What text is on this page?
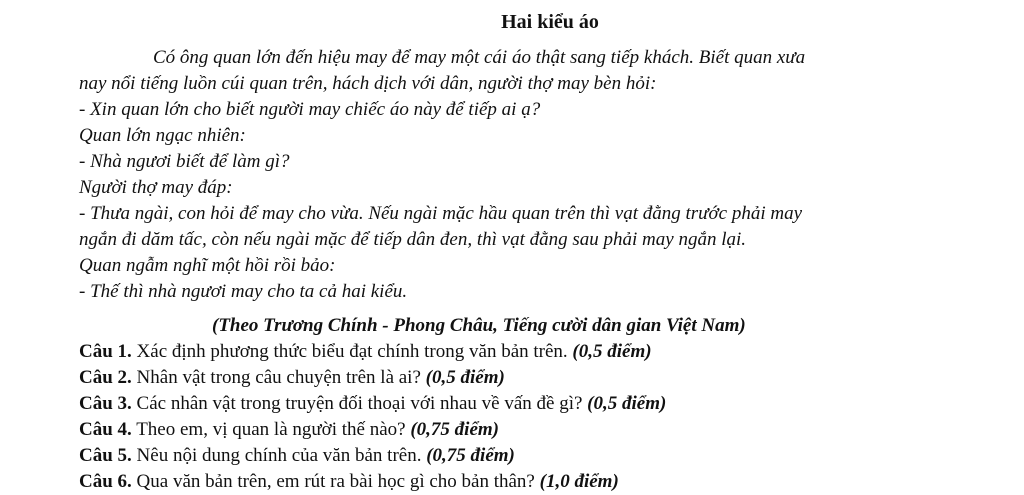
Hai kiểu áo
Có ông quan lớn đến hiệu may để may một cái áo thật sang tiếp khách. Biết quan xưa
nay nổi tiếng luồn cúi quan trên, hách dịch với dân, người thợ may bèn hỏi:
- Xin quan lớn cho biết người may chiếc áo này để tiếp ai ạ?
Quan lớn ngạc nhiên:
- Nhà ngươi biết để làm gì?
Người thợ may đáp:
- Thưa ngài, con hỏi để may cho vừa. Nếu ngài mặc hầu quan trên thì vạt đằng trước phải may
ngắn đi dăm tấc, còn nếu ngài mặc để tiếp dân đen, thì vạt đằng sau phải may ngắn lại.
Quan ngẫm nghĩ một hồi rồi bảo:
- Thế thì nhà ngươi may cho ta cả hai kiểu.
(Theo Trương Chính - Phong Châu, Tiếng cười dân gian Việt Nam)
Câu 1. Xác định phương thức biểu đạt chính trong văn bản trên. (0,5 điểm)
Câu 2. Nhân vật trong câu chuyện trên là ai? (0,5 điểm)
Câu 3. Các nhân vật trong truyện đối thoại với nhau về vấn đề gì? (0,5 điểm)
Câu 4. Theo em, vị quan là người thế nào? (0,75 điểm)
Câu 5. Nêu nội dung chính của văn bản trên. (0,75 điểm)
Câu 6. Qua văn bản trên, em rút ra bài học gì cho bản thân? (1,0 điểm)
